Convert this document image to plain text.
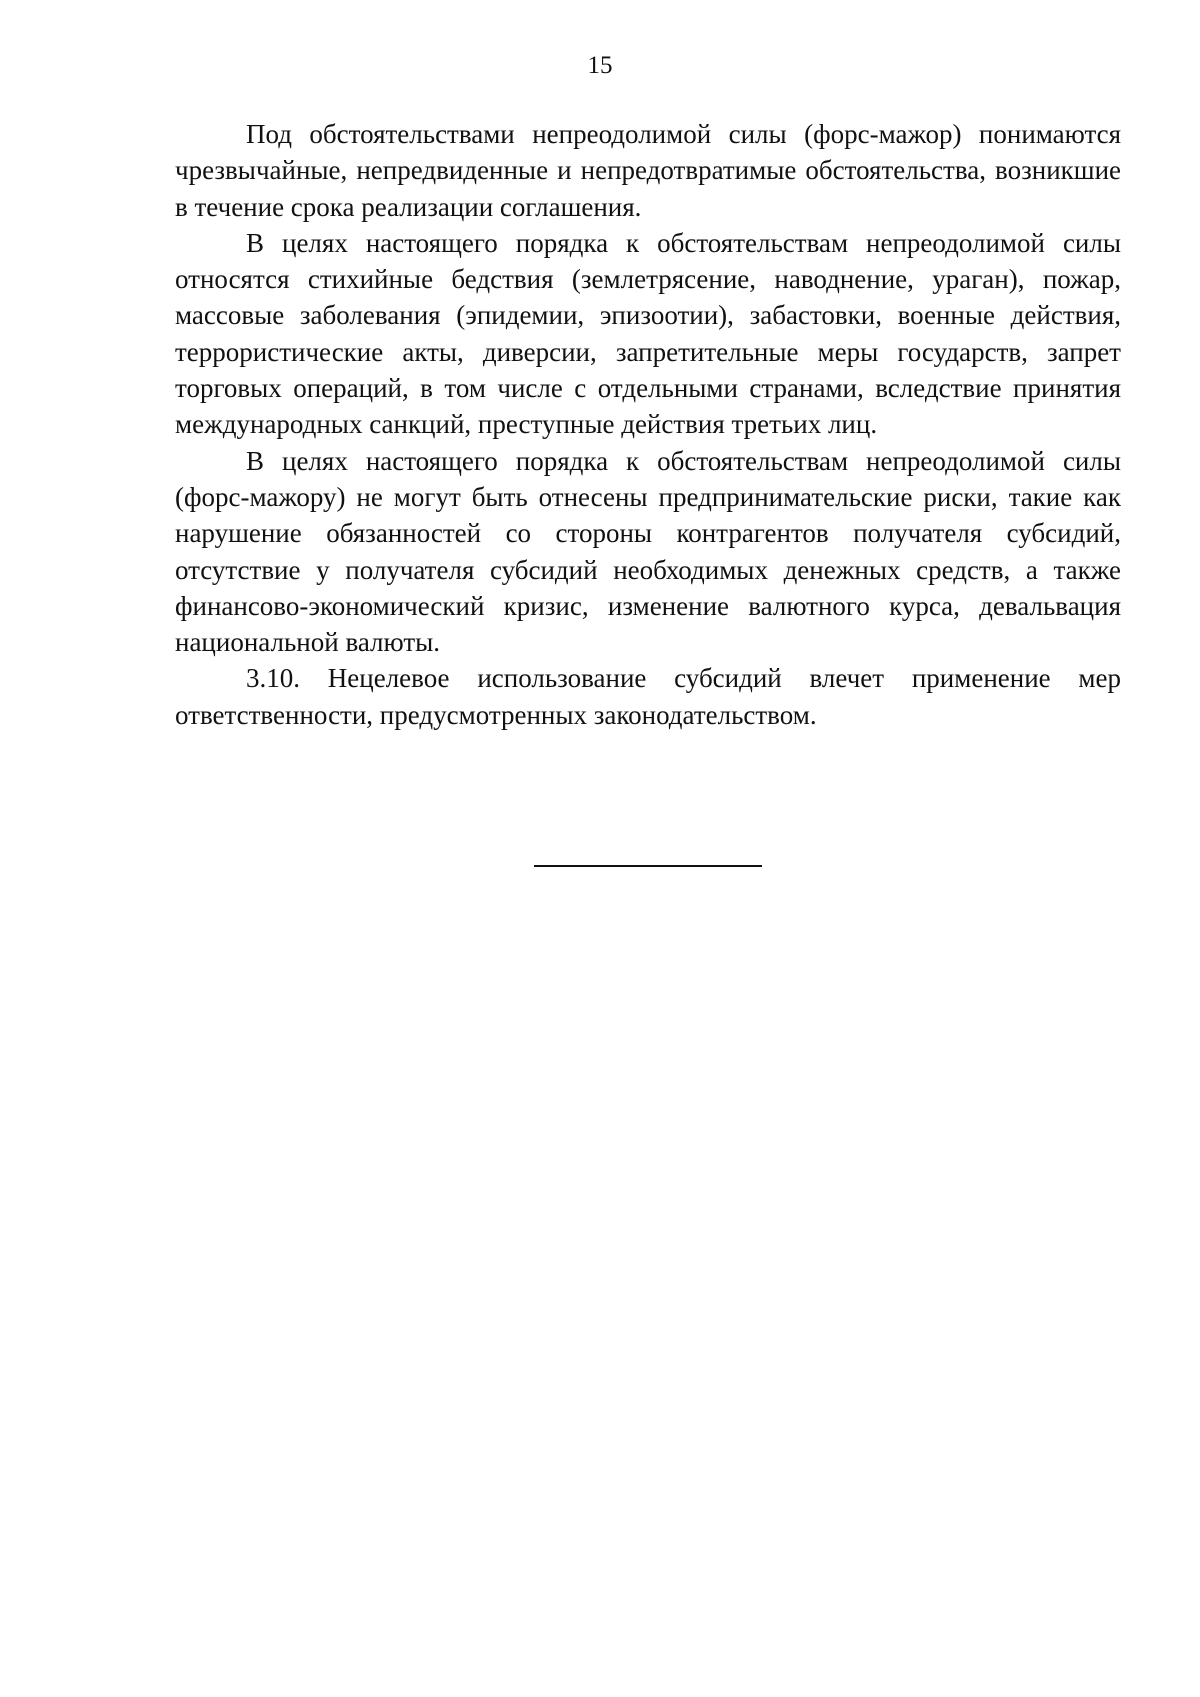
15

Под обстоятельствами непреодолимой силы (форс-мажор) понимаются чрезвычайные, непредвиденные и непредотвратимые обстоятельства, возникшие в течение срока реализации соглашения.

В целях настоящего порядка к обстоятельствам непреодолимой силы относятся стихийные бедствия (землетрясение, наводнение, ураган), пожар, массовые заболевания (эпидемии, эпизоотии), забастовки, военные действия, террористические акты, диверсии, запретительные меры государств, запрет торговых операций, в том числе с отдельными странами, вследствие принятия международных санкций, преступные действия третьих лиц.

В целях настоящего порядка к обстоятельствам непреодолимой силы (форс-мажору) не могут быть отнесены предпринимательские риски, такие как нарушение обязанностей со стороны контрагентов получателя субсидий, отсутствие у получателя субсидий необходимых денежных средств, а также финансово-экономический кризис, изменение валютного курса, девальвация национальной валюты.

3.10. Нецелевое использование субсидий влечет применение мер ответственности, предусмотренных законодательством.
